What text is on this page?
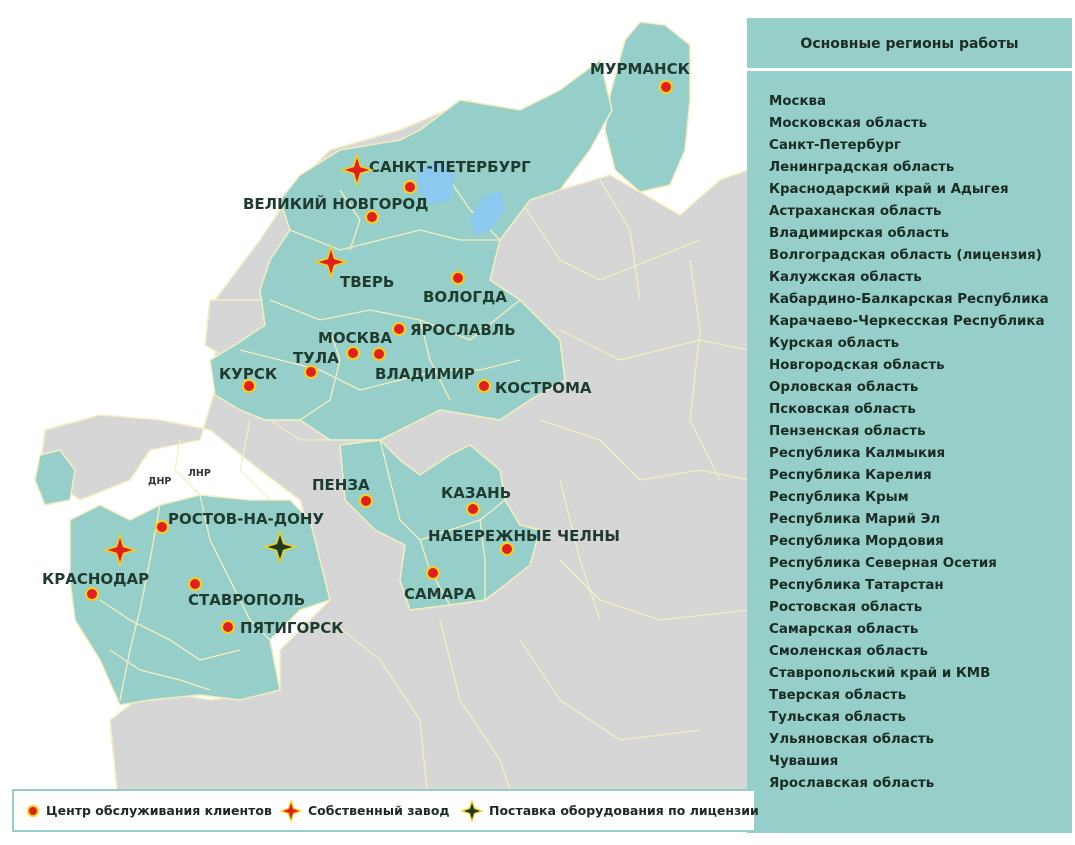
ДНР
ЛНР
МУРМАНСК
САНКТ-ПЕТЕРБУРГ
ВЕЛИКИЙ НОВГОРОД
ТВЕРЬ
ВОЛОГДА
ЯРОСЛАВЛЬ
МОСКВА
ТУЛА
ВЛАДИМИР
КУРСК
КОСТРОМА
ПЕНЗА	КАЗАНЬ
НАБЕРЕЖНЫЕ ЧЕЛНЫ
САМАРА
РОСТОВ-НА-ДОНУ
КРАСНОДАР
СТАВРОПОЛЬ
ПЯТИГОРСК
Основные регионы работы
Москва
Московская область
Санкт-Петербург
Ленинградская область
Краснодарский край и Адыгея
Астраханская область
Владимирская область
Волгоградская область (лицензия)
Калужская область
Кабардино-Балкарская Республика
Карачаево-Черкесская Республика
Курская область
Новгородская область
Орловская область
Псковская область
Пензенская область
Республика Калмыкия
Республика Карелия
Республика Крым
Республика Марий Эл
Республика Мордовия
Республика Северная Осетия
Республика Татарстан
Ростовская область
Самарская область
Смоленская область
Ставропольский край и КМВ
Тверская область
Тульская область
Ульяновская область
Чувашия
Ярославская область
Центр обслуживания клиентов	Собственный завод	Поставка оборудования по лицензии
